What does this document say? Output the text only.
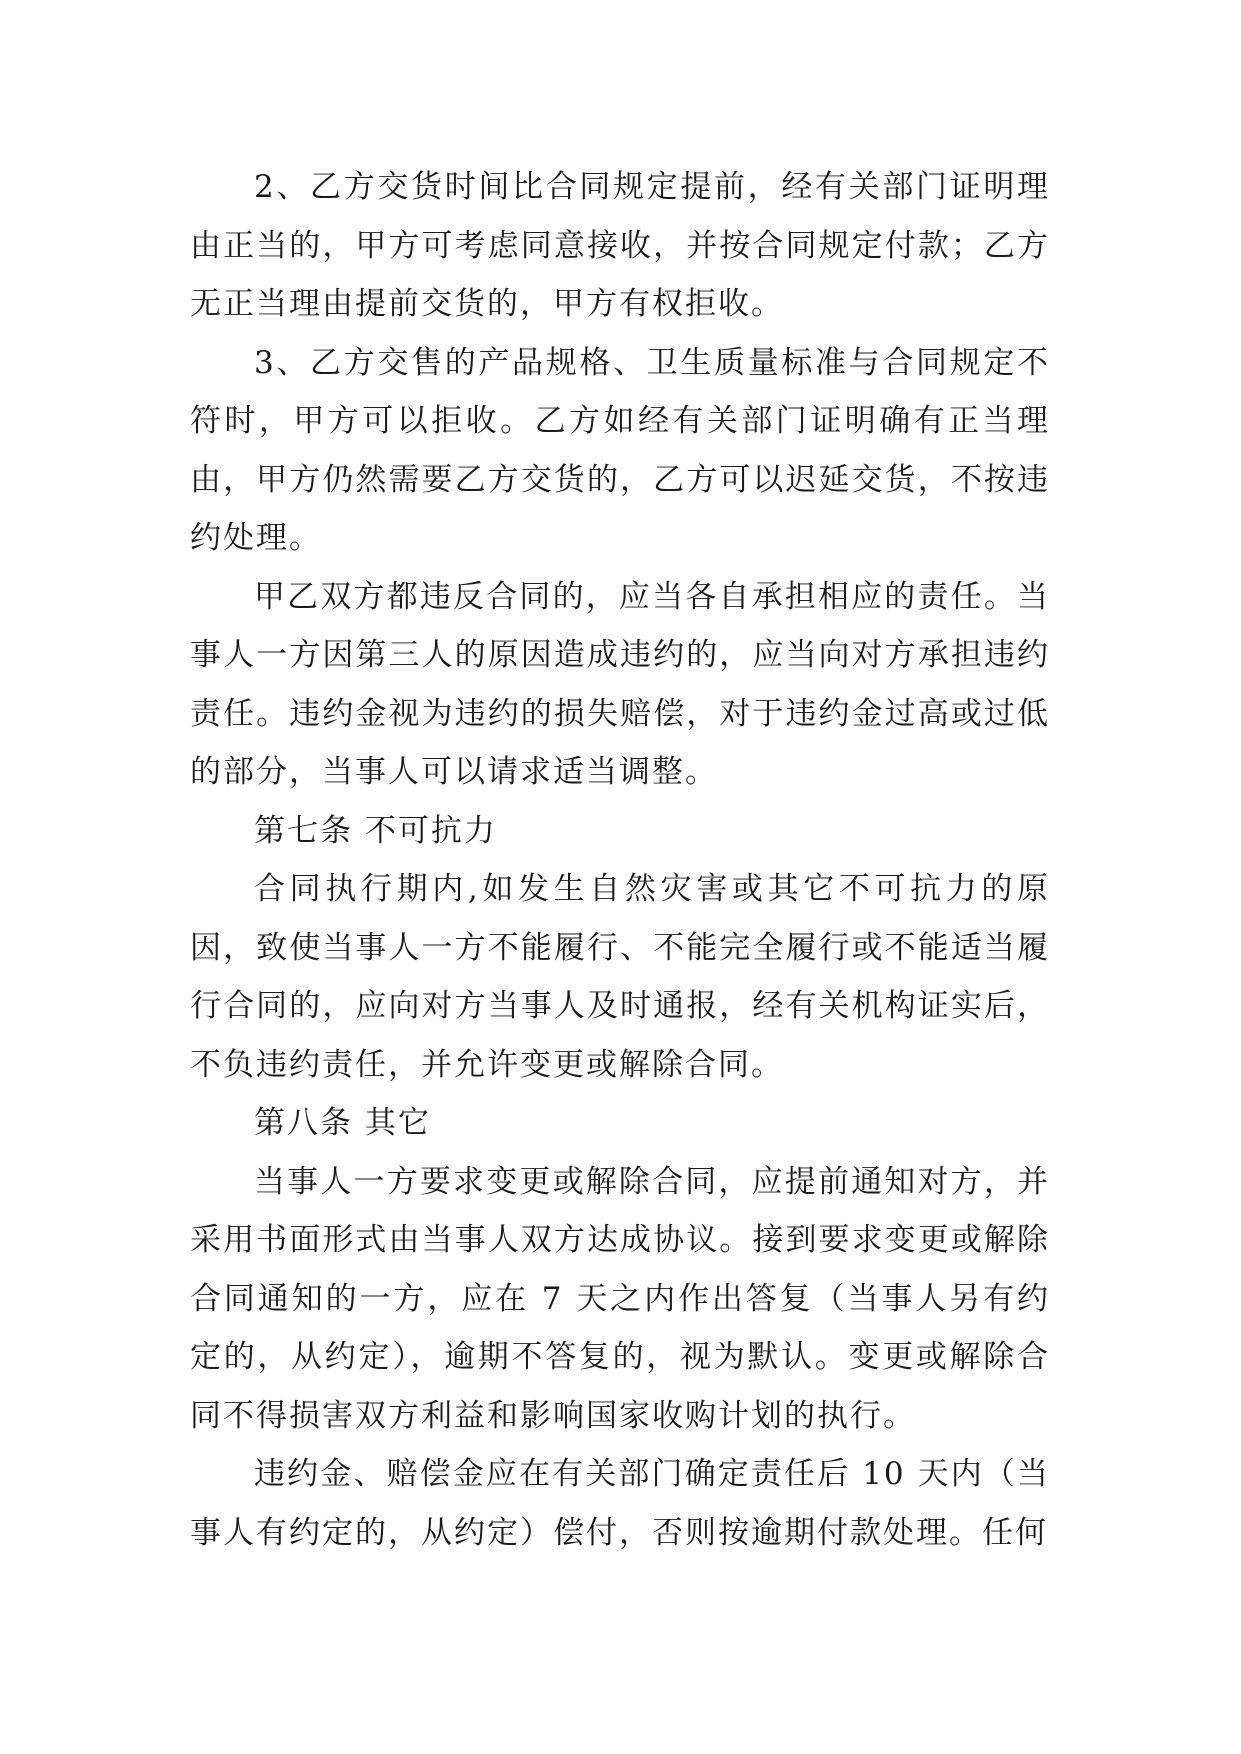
2、乙方交货时间比合同规定提前，经有关部门证明理由正当的，甲方可考虑同意接收，并按合同规定付款；乙方无正当理由提前交货的，甲方有权拒收。

3、乙方交售的产品规格、卫生质量标准与合同规定不符时，甲方可以拒收。乙方如经有关部门证明确有正当理由，甲方仍然需要乙方交货的，乙方可以迟延交货，不按违约处理。

甲乙双方都违反合同的，应当各自承担相应的责任。当事人一方因第三人的原因造成违约的，应当向对方承担违约责任。违约金视为违约的损失赔偿，对于违约金过高或过低的部分，当事人可以请求适当调整。

第七条 不可抗力

合同执行期内,如发生自然灾害或其它不可抗力的原因，致使当事人一方不能履行、不能完全履行或不能适当履行合同的，应向对方当事人及时通报，经有关机构证实后，不负违约责任，并允许变更或解除合同。

第八条 其它

当事人一方要求变更或解除合同，应提前通知对方，并采用书面形式由当事人双方达成协议。接到要求变更或解除合同通知的一方，应在 7 天之内作出答复（当事人另有约定的，从约定），逾期不答复的，视为默认。变更或解除合同不得损害双方利益和影响国家收购计划的执行。

违约金、赔偿金应在有关部门确定责任后 10 天内（当事人有约定的，从约定）偿付，否则按逾期付款处理。任何
